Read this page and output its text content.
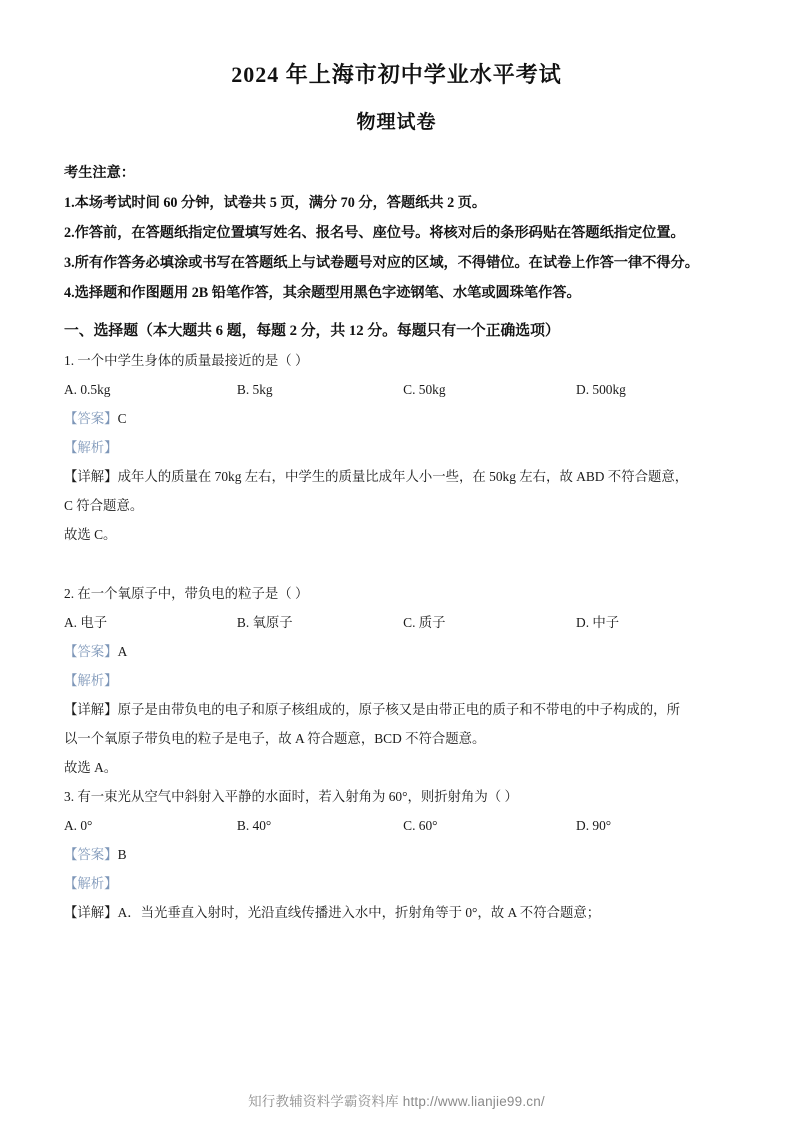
2024 年上海市初中学业水平考试
物理试卷
考生注意：
1.本场考试时间 60 分钟，试卷共 5 页，满分 70 分，答题纸共 2 页。
2.作答前，在答题纸指定位置填写姓名、报名号、座位号。将核对后的条形码贴在答题纸指定位置。
3.所有作答务必填涂或书写在答题纸上与试卷题号对应的区域，不得错位。在试卷上作答一律不得分。
4.选择题和作图题用 2B 铅笔作答，其余题型用黑色字迹钢笔、水笔或圆珠笔作答。
一、选择题（本大题共 6 题，每题 2 分，共 12 分。每题只有一个正确选项）
1. 一个中学生身体的质量最接近的是（ ）
A. 0.5kg	B. 5kg	C. 50kg	D. 500kg
【答案】C
【解析】
【详解】成年人的质量在 70kg 左右，中学生的质量比成年人小一些，在 50kg 左右，故 ABD 不符合题意，
C 符合题意。
故选 C。
2. 在一个氧原子中，带负电的粒子是（ ）
A. 电子	B. 氧原子	C. 质子	D. 中子
【答案】A
【解析】
【详解】原子是由带负电的电子和原子核组成的，原子核又是由带正电的质子和不带电的中子构成的，所
以一个氧原子带负电的粒子是电子，故 A 符合题意，BCD 不符合题意。
故选 A。
3. 有一束光从空气中斜射入平静的水面时，若入射角为 60°，则折射角为（ ）
A. 0°	B. 40°	C. 60°	D. 90°
【答案】B
【解析】
【详解】A．当光垂直入射时，光沿直线传播进入水中，折射角等于 0°，故 A 不符合题意；
知行教辅资料学霸资料库 http://www.lianjie99.cn/
